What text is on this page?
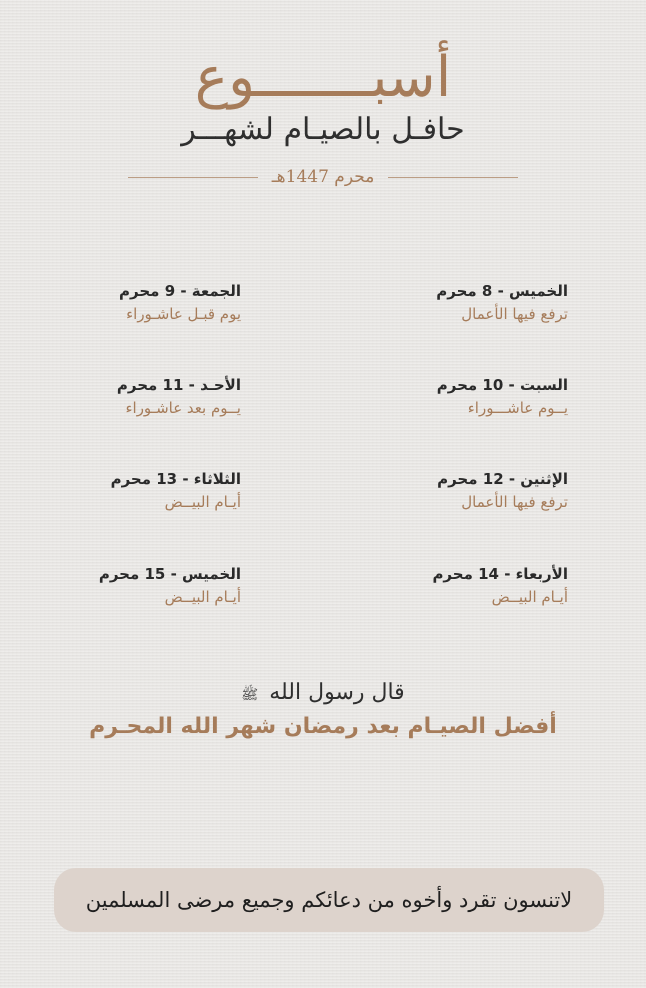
أسبـــــــوع
حافـل بالصيـام لشهـــر
محرم 1447هـ
الخميس - 8 محرم
ترفع فيها الأعمال
الجمعة - 9 محرم
يوم قبـل عاشـوراء
السبت - 10 محرم
يــوم عاشـــوراء
الأحـد - 11 محرم
يــوم بعد عاشـوراء
الإثنين - 12 محرم
ترفع فيها الأعمال
الثلاثاء - 13 محرم
أيـام البيــض
الأربعاء - 14 محرم
أيـام البيــض
الخميس - 15 محرم
أيـام البيــض
قال رسول الله ﷺ
أفضل الصيـام بعد رمضان شهر الله المحـرم
لاتنسون تقرد وأخوه من دعائكم وجميع مرضى المسلمين
